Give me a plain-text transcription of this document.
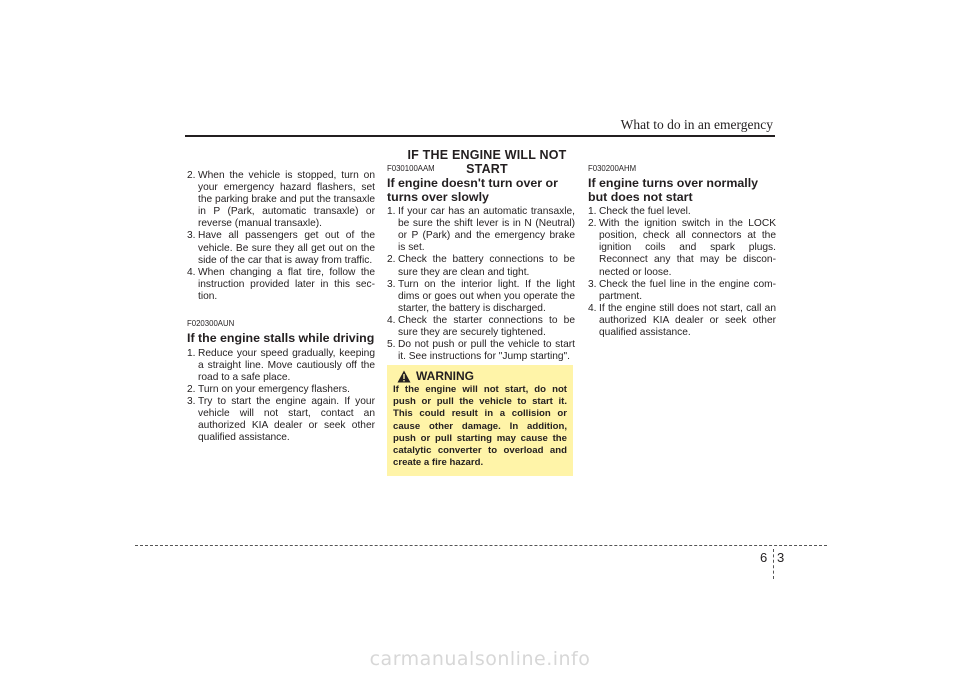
What to do in an emergency
IF THE ENGINE WILL NOT START
2. When the vehicle is stopped, turn on your emergency hazard flashers, set the parking brake and put the transaxle in P (Park, automatic transaxle) or reverse (manual transaxle).
3. Have all passengers get out of the vehicle. Be sure they all get out on the side of the car that is away from traffic.
4. When changing a flat tire, follow the instruction provided later in this sec- tion.
F020300AUN
If the engine stalls while driving
1. Reduce your speed gradually, keeping a straight line. Move cautiously off the road to a safe place.
2. Turn on your emergency flashers.
3. Try to start the engine again. If your vehicle will not start, contact an authorized KIA dealer or seek other qualified assistance.
F030100AAM
If engine doesn't turn over or turns over slowly
1. If your car has an automatic transaxle, be sure the shift lever is in N (Neutral) or P (Park) and the emergency brake is set.
2. Check the battery connections to be sure they are clean and tight.
3. Turn on the interior light. If the light dims or goes out when you operate the starter, the battery is discharged.
4. Check the starter connections to be sure they are securely tightened.
5. Do not push or pull the vehicle to start it. See instructions for "Jump starting".
WARNING
If the engine will not start, do not push or pull the vehicle to start it. This could result in a collision or cause other damage. In addition, push or pull starting may cause the catalytic converter to overload and create a fire hazard.
F030200AHM
If engine turns over normally but does not start
1. Check the fuel level.
2. With the ignition switch in the LOCK position, check all connectors at the ignition coils and spark plugs. Reconnect any that may be discon- nected or loose.
3. Check the fuel line in the engine com- partment.
4. If the engine still does not start, call an authorized KIA dealer or seek other qualified assistance.
6 3
carmanualsonline.info
